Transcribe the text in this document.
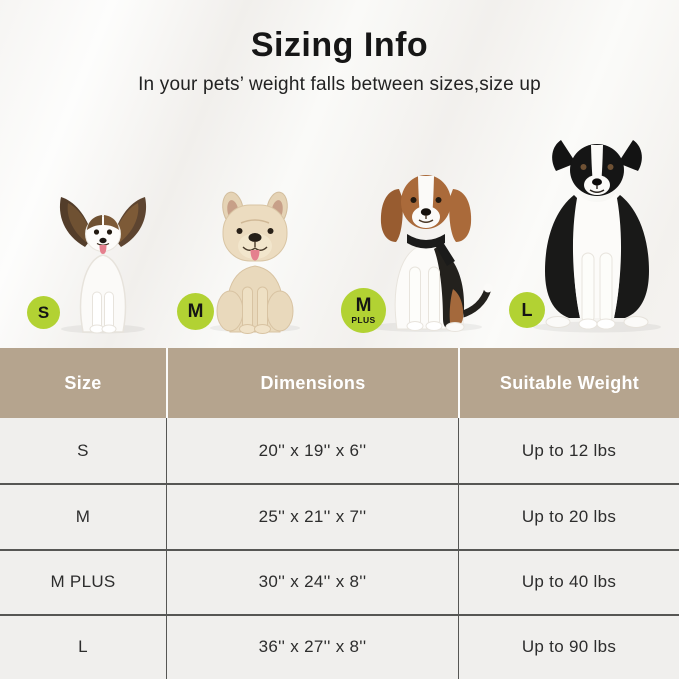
Sizing Info

In your pets’ weight falls between sizes,size up

S	M	M
PLUS
L
Size	Dimensions	Suitable Weight
S	20'' x 19'' x 6''	Up to 12 lbs
M	25'' x 21'' x 7''	Up to 20 lbs
M PLUS	30'' x 24'' x 8''	Up to 40 lbs
L	36'' x 27'' x 8''	Up to 90 lbs
